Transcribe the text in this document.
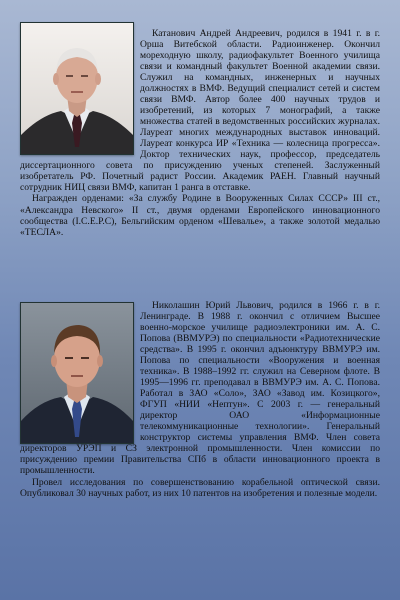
Катанович Андрей Андреевич, родился в 1941 г. в г. Орша Витебской области. Радиоинженер. Окончил мореходную школу, радиофакультет Военного училища связи и командный факультет Военной академии связи. Служил на командных, инженерных и научных должностях в ВМФ. Ведущий специалист сетей и систем связи ВМФ. Автор более 400 научных трудов и изобретений, из которых 7 монографий, а также множества статей в ведомственных российских журналах. Лауреат многих международных выставок инноваций. Лауреат конкурса ИР «Техника — колесница прогресса». Доктор технических наук, профессор, председатель диссертационного совета по присуждению ученых степеней. Заслуженный изобретатель РФ. Почетный радист России. Академик РАЕН. Главный научный сотрудник НИЦ связи ВМФ, капитан 1 ранга в отставке.

Награжден орденами: «За службу Родине в Вооруженных Силах СССР» III ст., «Александра Невского» II ст., двумя орденами Европейского инновационного сообщества (I.C.E.P.C), Бельгийским орденом «Шевалье», а также золотой медалью «ТЕСЛА».

Николашин Юрий Львович, родился в 1966 г. в г. Ленинграде. В 1988 г. окончил с отличием Высшее военно-морское училище радиоэлектроники им. А. С. Попова (ВВМУРЭ) по специальности «Радиотехнические средства». В 1995 г. окончил адъюнктуру ВВМУРЭ им. Попова по специальности «Вооружения и военная техника». В 1988–1992 гг. служил на Северном флоте. В 1995—1996 гг. преподавал в ВВМУРЭ им. А. С. Попова. Работал в ЗАО «Соло», ЗАО «Завод им. Козицкого», ФГУП «НИИ «Нептун». С 2003 г. — генеральный директор ОАО «Информационные телекоммуникационные технологии». Генеральный конструктор системы управления ВМФ. Член совета директоров УРЭП и СЗ электронной промышленности. Член комиссии по присуждению премии Правительства СПб в области инновационного проекта в промышленности.

Провел исследования по совершенствованию корабельной оптической связи. Опубликовал 30 научных работ, из них 10 патентов на изобретения и полезные модели.
